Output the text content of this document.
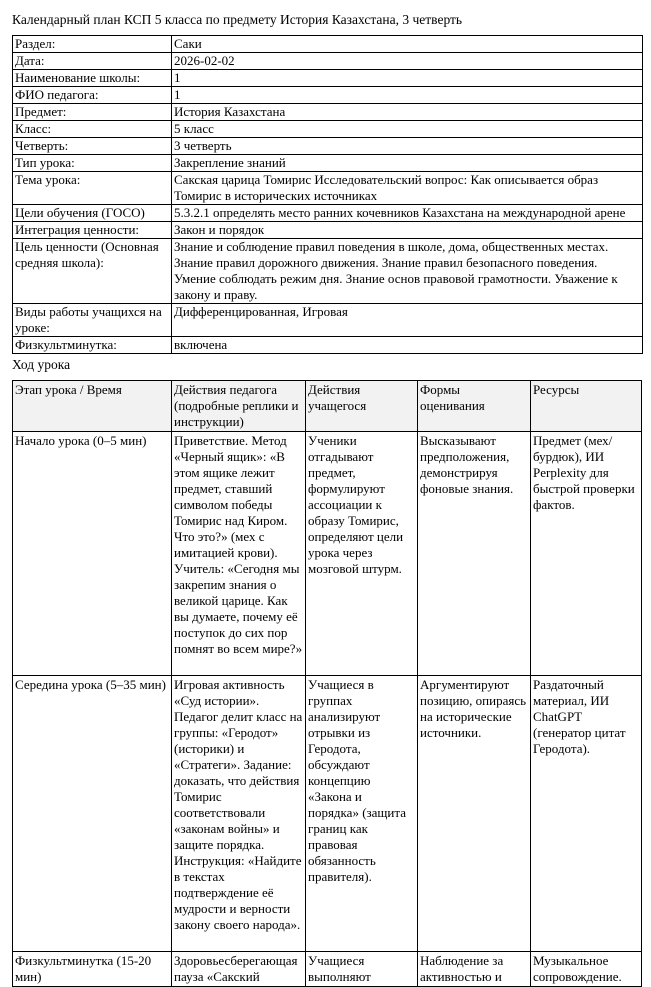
Календарный план КСП 5 класса по предмету История Казахстана, 3 четверть
Раздел:	Саки
Дата:	2026-02-02
Наименование школы:	1
ФИО педагога:	1
Предмет:	История Казахстана
Класс:	5 класс
Четверть:	3 четверть
Тип урока:	Закрепление знаний
Тема урока:	Сакская царица Томирис Исследовательский вопрос: Как описывается образ Томирис в исторических источниках
Цели обучения (ГОСО)	5.3.2.1 определять место ранних кочевников Казахстана на международной арене
Интеграция ценности:	Закон и порядок
Цель ценности (Основная средняя школа):	Знание и соблюдение правил поведения в школе, дома, общественных местах. Знание правил дорожного движения. Знание правил безопасного поведения. Умение соблюдать режим дня. Знание основ правовой грамотности. Уважение к закону и праву.
Виды работы учащихся на уроке:	Дифференцированная, Игровая
Физкультминутка:	включена
Ход урока
Этап урока / Время	Действия педагога (подробные реплики и инструкции)	Действия учащегося	Формы оценивания	Ресурсы
Начало урока (0–5 мин)	Приветствие. Метод «Черный ящик»: «В этом ящике лежит предмет, ставший символом победы Томирис над Киром. Что это?» (мех с имитацией крови). Учитель: «Сегодня мы закрепим знания о великой царице. Как вы думаете, почему её поступок до сих пор помнят во всем мире?»	Ученики отгадывают предмет, формулируют ассоциации к образу Томирис, определяют цели урока через мозговой штурм.	Высказывают предположения, демонстрируя фоновые знания.	Предмет (мех/бурдюк), ИИ Perplexity для быстрой проверки фактов.
Середина урока (5–35 мин)	Игровая активность «Суд истории». Педагог делит класс на группы: «Геродот» (историки) и «Стратеги». Задание: доказать, что действия Томирис соответствовали «законам войны» и защите порядка. Инструкция: «Найдите в текстах подтверждение её мудрости и верности закону своего народа».	Учащиеся в группах анализируют отрывки из Геродота, обсуждают концепцию «Закона и порядка» (защита границ как правовая обязанность правителя).	Аргументируют позицию, опираясь на исторические источники.	Раздаточный материал, ИИ ChatGPT (генератор цитат Геродота).
Физкультминутка (15-20 мин)	Здоровьесберегающая пауза «Сакский	Учащиеся выполняют	Наблюдение за активностью и	Музыкальное сопровождение.
